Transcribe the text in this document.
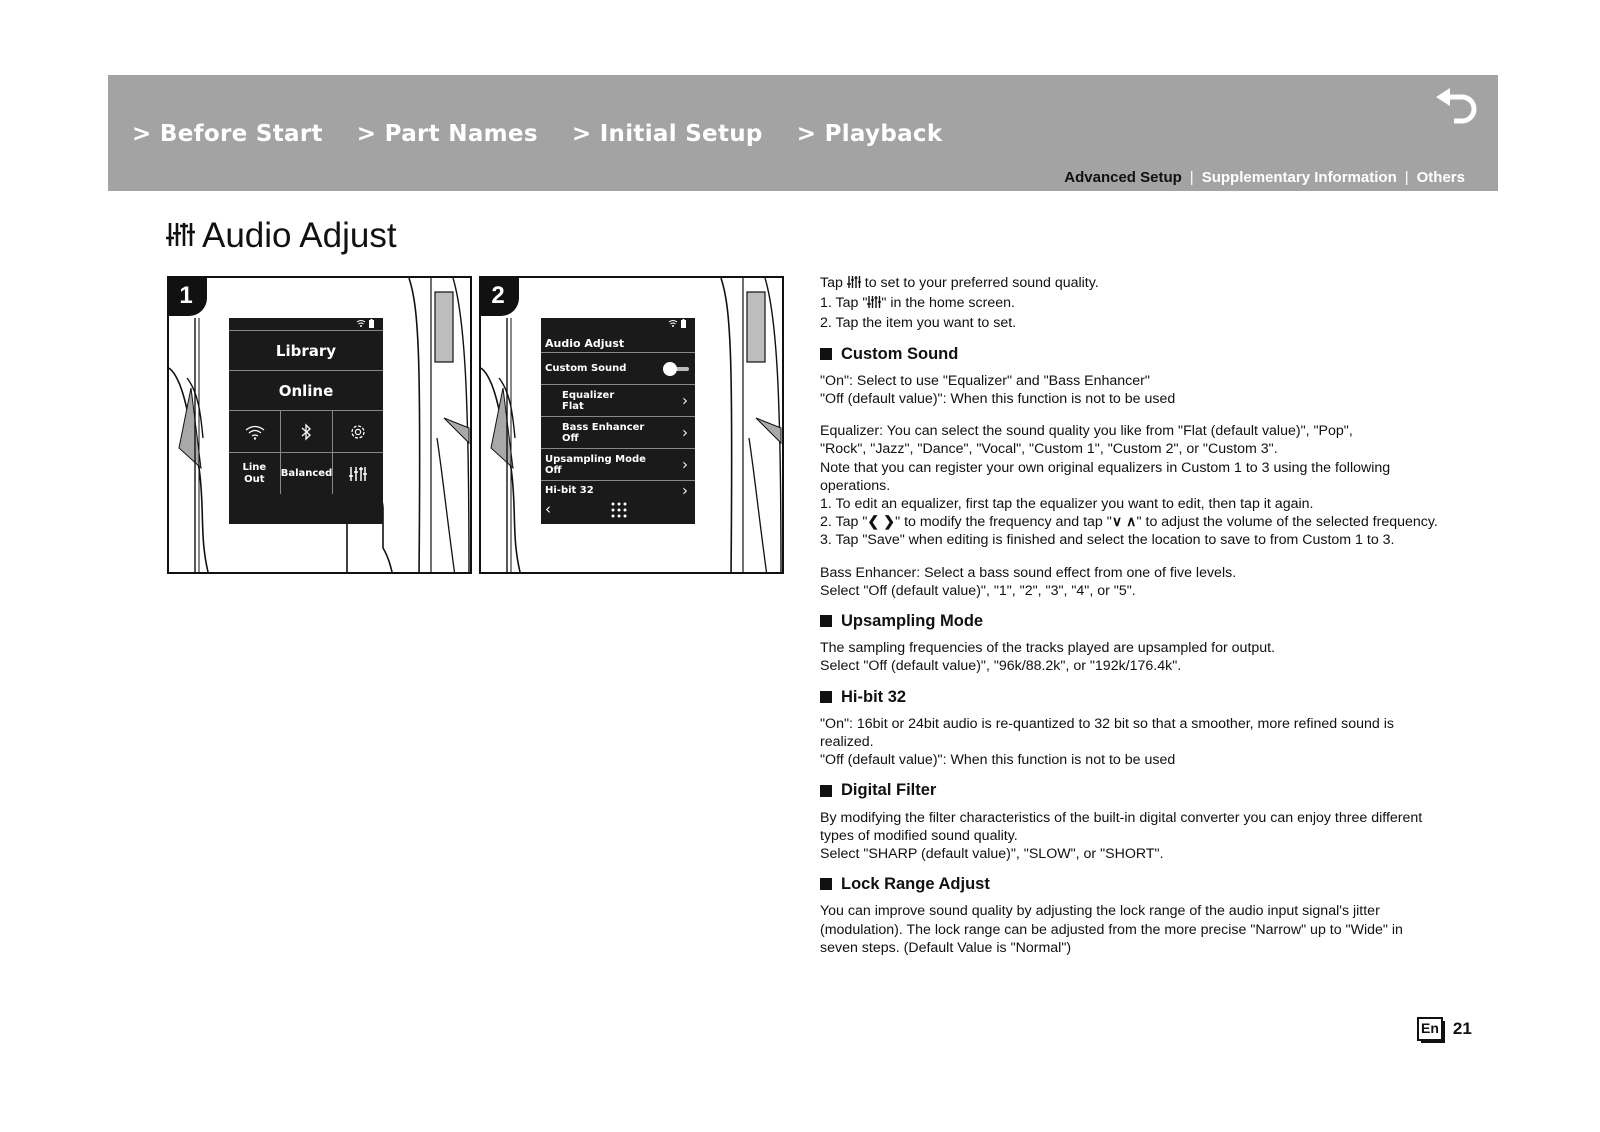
> Before Start > Part Names > Initial Setup > Playback
Advanced Setup | Supplementary Information | Others
Audio Adjust
1
Library
Online
Line
Out
Balanced
2
Audio Adjust
Custom Sound
Equalizer
Flat	›
Bass Enhancer
Off	›
Upsampling Mode
Off	›
Hi-bit 32	›
‹

Tap  to set to your preferred sound quality.

1. Tap " " in the home screen.

2. Tap the item you want to set.

Custom Sound

"On": Select to use "Equalizer" and "Bass Enhancer"

"Off (default value)": When this function is not to be used

Equalizer: You can select the sound quality you like from "Flat (default value)", "Pop",

"Rock", "Jazz", "Dance", "Vocal", "Custom 1", "Custom 2", or "Custom 3".

Note that you can register your own original equalizers in Custom 1 to 3 using the following operations.

1. To edit an equalizer, first tap the equalizer you want to edit, then tap it again.

2. Tap "❮ ❯" to modify the frequency and tap "∨ ∧" to adjust the volume of the selected frequency.

3. Tap "Save" when editing is finished and select the location to save to from Custom 1 to 3.

Bass Enhancer: Select a bass sound effect from one of five levels.

Select "Off (default value)", "1", "2", "3", "4", or "5".

Upsampling Mode

The sampling frequencies of the tracks played are upsampled for output.

Select "Off (default value)", "96k/88.2k", or "192k/176.4k".

Hi-bit 32

"On": 16bit or 24bit audio is re-quantized to 32 bit so that a smoother, more refined sound is realized.

"Off (default value)": When this function is not to be used

Digital Filter

By modifying the filter characteristics of the built-in digital converter you can enjoy three different types of modified sound quality.

Select "SHARP (default value)", "SLOW", or "SHORT".

Lock Range Adjust

You can improve sound quality by adjusting the lock range of the audio input signal's jitter (modulation). The lock range can be adjusted from the more precise "Narrow" up to "Wide" in seven steps. (Default Value is "Normal")

En 21
